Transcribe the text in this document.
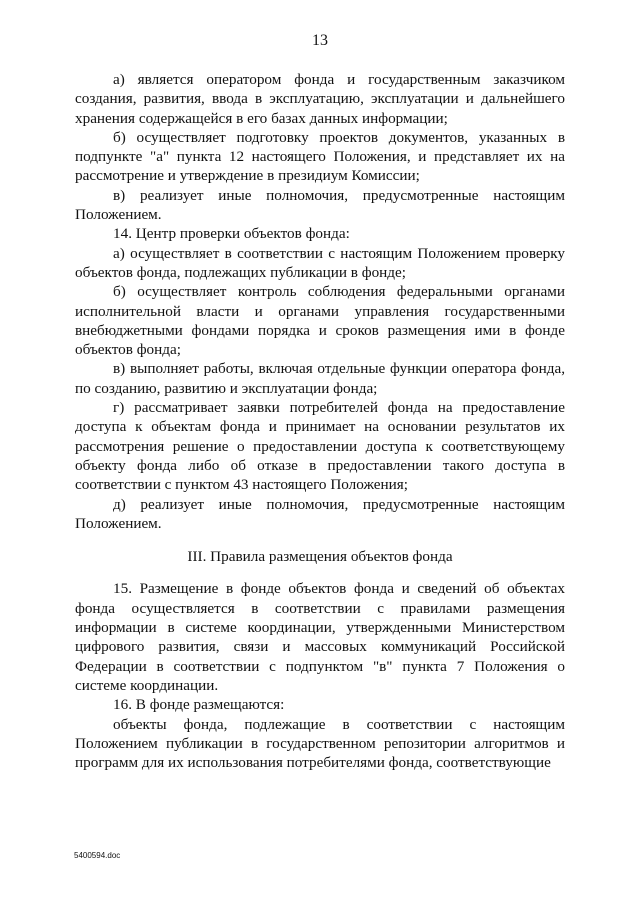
13

а) является оператором фонда и государственным заказчиком создания, развития, ввода в эксплуатацию, эксплуатации и дальнейшего хранения содержащейся в его базах данных информации;

б) осуществляет подготовку проектов документов, указанных в подпункте "а" пункта 12 настоящего Положения, и представляет их на рассмотрение и утверждение в президиум Комиссии;

в) реализует иные полномочия, предусмотренные настоящим Положением.

14. Центр проверки объектов фонда:

а) осуществляет в соответствии с настоящим Положением проверку объектов фонда, подлежащих публикации в фонде;

б) осуществляет контроль соблюдения федеральными органами исполнительной власти и органами управления государственными внебюджетными фондами порядка и сроков размещения ими в фонде объектов фонда;

в) выполняет работы, включая отдельные функции оператора фонда, по созданию, развитию и эксплуатации фонда;

г) рассматривает заявки потребителей фонда на предоставление доступа к объектам фонда и принимает на основании результатов их рассмотрения решение о предоставлении доступа к соответствующему объекту фонда либо об отказе в предоставлении такого доступа в соответствии с пунктом 43 настоящего Положения;

д) реализует иные полномочия, предусмотренные настоящим Положением.

III. Правила размещения объектов фонда

15. Размещение в фонде объектов фонда и сведений об объектах фонда осуществляется в соответствии с правилами размещения информации в системе координации, утвержденными Министерством цифрового развития, связи и массовых коммуникаций Российской Федерации в соответствии с подпунктом "в" пункта 7 Положения о системе координации.

16. В фонде размещаются:

объекты фонда, подлежащие в соответствии с настоящим Положением публикации в государственном репозитории алгоритмов и программ для их использования потребителями фонда, соответствующие

5400594.doc
